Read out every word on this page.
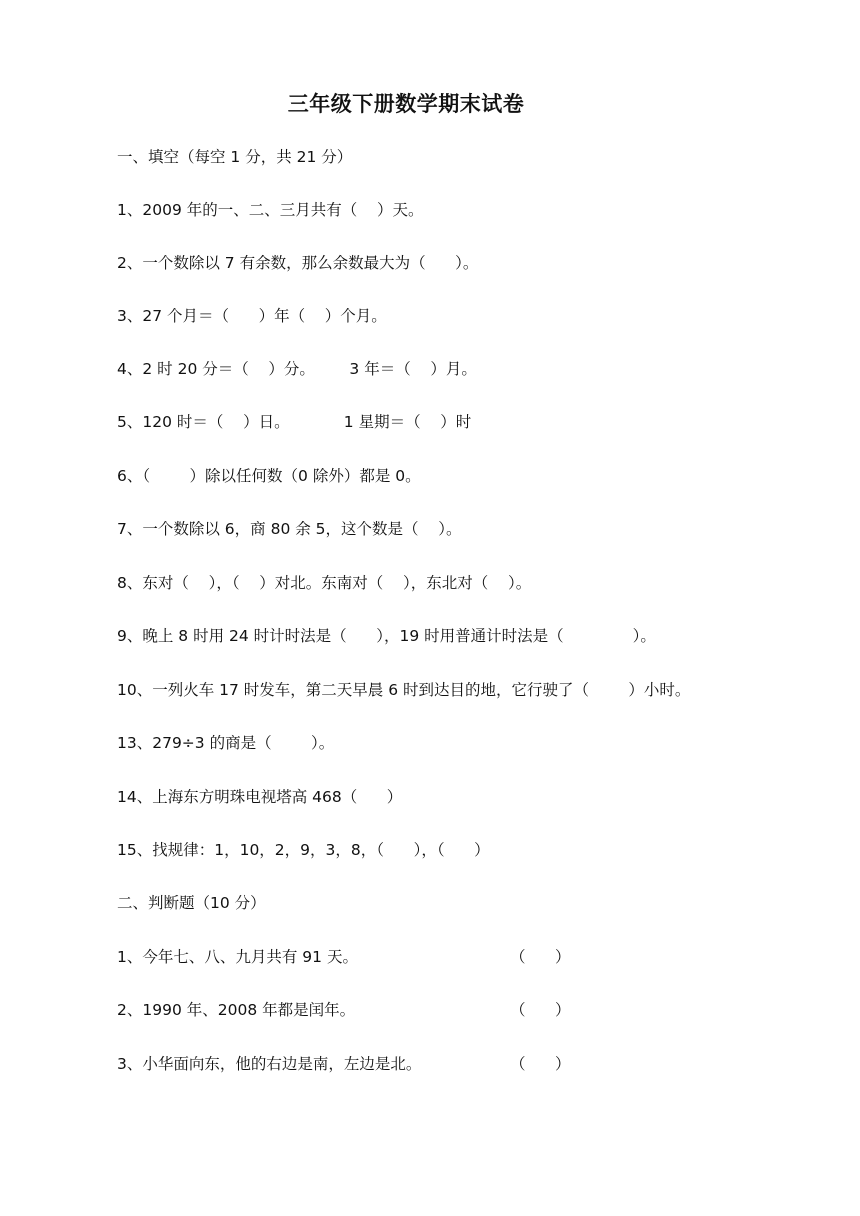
三年级下册数学期末试卷
一、填空（每空 1 分，共 21 分）
1、2009 年的一、二、三月共有（    ）天。
2、一个数除以 7 有余数，那么余数最大为（      ）。
3、27 个月＝（      ）年（    ）个月。
4、2 时 20 分＝（    ）分。       3 年＝（    ）月。
5、120 时＝（    ）日。           1 星期＝（    ）时
6、（        ）除以任何数（0 除外）都是 0。
7、一个数除以 6，商 80 余 5，这个数是（    ）。
8、东对（    ），（    ）对北。东南对（    ），东北对（    ）。
9、晚上 8 时用 24 时计时法是（      ），19 时用普通计时法是（              ）。
10、一列火车 17 时发车，第二天早晨 6 时到达目的地，它行驶了（        ）小时。
13、279÷3 的商是（        ）。
14、上海东方明珠电视塔高 468（      ）
15、找规律：1，10，2，9，3，8，（      ），（      ）
二、判断题（10 分）
1、今年七、八、九月共有 91 天。	（      ）
2、1990 年、2008 年都是闰年。	（      ）
3、小华面向东，他的右边是南，左边是北。	（      ）
